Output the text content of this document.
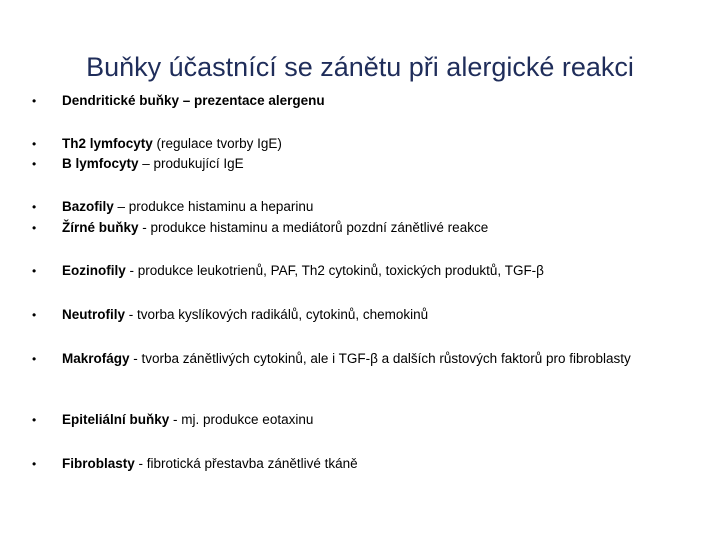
Buňky účastnící se zánětu při alergické reakci
•	Dendritické buňky – prezentace alergenu
•	Th2 lymfocyty (regulace tvorby IgE)
•	B lymfocyty – produkující IgE
•	Bazofily – produkce histaminu a heparinu
•	Žírné buňky - produkce histaminu a mediátorů pozdní zánětlivé reakce
•	Eozinofily - produkce leukotrienů, PAF, Th2 cytokinů, toxických produktů, TGF-β
•	Neutrofily - tvorba kyslíkových radikálů, cytokinů, chemokinů
•	Makrofágy - tvorba zánětlivých cytokinů, ale i TGF-β a dalších růstových faktorů pro fibroblasty
•	Epiteliální buňky - mj. produkce eotaxinu
•	Fibroblasty - fibrotická přestavba zánětlivé tkáně
